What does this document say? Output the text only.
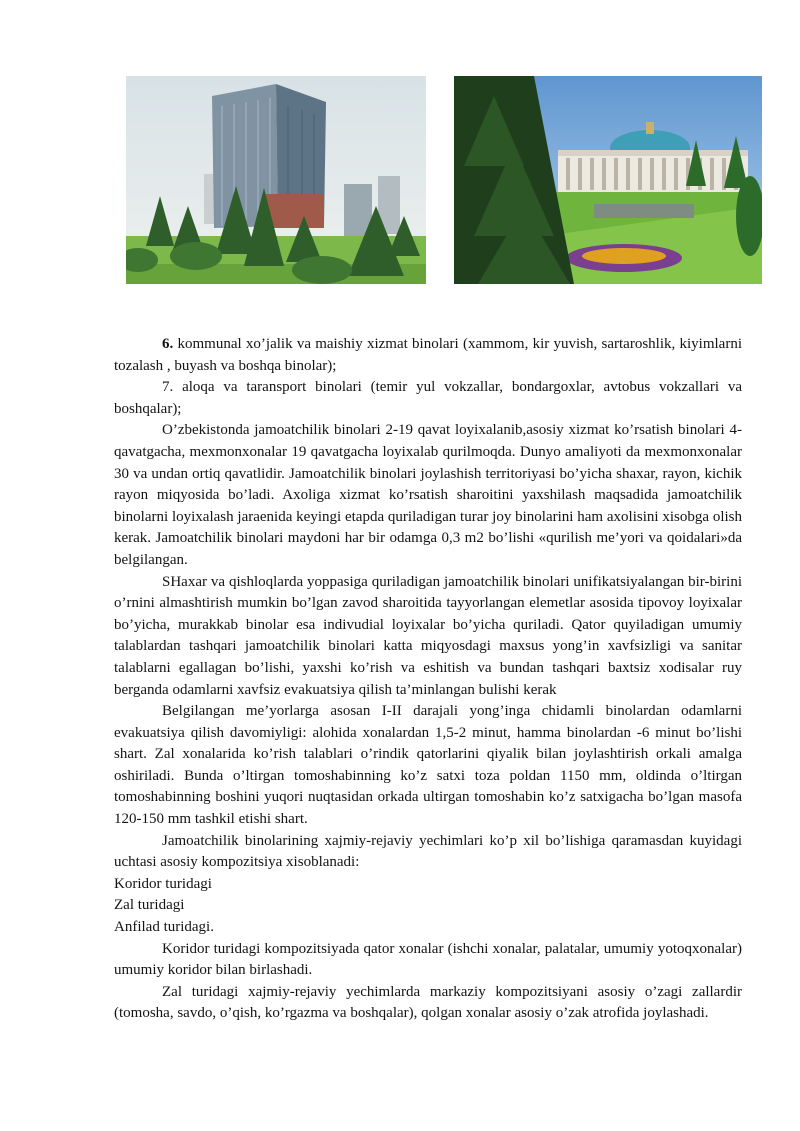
6. kommunal xo’jalik va maishiy xizmat binolari (xammom, kir yuvish, sartaroshlik, kiyimlarni tozalash , buyash va boshqa binolar);

7. aloqa va taransport binolari (temir yul vokzallar, bondargoxlar, avtobus vokzallari va boshqalar);

O’zbekistonda jamoatchilik binolari 2-19 qavat loyixalanib,asosiy xizmat ko’rsatish binolari 4-qavatgacha, mexmonxonalar 19 qavatgacha loyixalab qurilmoqda. Dunyo amaliyoti da mexmonxonalar 30 va undan ortiq qavatlidir. Jamoatchilik binolari joylashish territoriyasi bo’yicha shaxar, rayon, kichik rayon miqyosida bo’ladi. Axoliga xizmat ko’rsatish sharoitini yaxshilash maqsadida jamoatchilik binolarni loyixalash jaraenida keyingi etapda quriladigan turar joy binolarini ham axolisini xisobga olish kerak. Jamoatchilik binolari maydoni har bir odamga 0,3 m2 bo’lishi «qurilish me’yori va qoidalari»da belgilangan.

SHaxar va qishloqlarda yoppasiga quriladigan jamoatchilik binolari unifikatsiyalangan bir-birini o’rnini almashtirish mumkin bo’lgan zavod sharoitida tayyorlangan elemetlar asosida tipovoy loyixalar bo’yicha, murakkab binolar esa indivudial loyixalar bo’yicha quriladi. Qator quyiladigan umumiy talablardan tashqari jamoatchilik binolari katta miqyosdagi maxsus yong’in xavfsizligi va sanitar talablarni egallagan bo’lishi, yaxshi ko’rish va eshitish va bundan tashqari baxtsiz xodisalar ruy berganda odamlarni xavfsiz evakuatsiya qilish ta’minlangan bulishi kerak

Belgilangan me’yorlarga asosan I-II darajali yong’inga chidamli binolardan odamlarni evakuatsiya qilish davomiyligi: alohida xonalardan 1,5-2 minut, hamma binolardan -6 minut bo’lishi shart. Zal xonalarida ko’rish talablari o’rindik qatorlarini qiyalik bilan joylashtirish orkali amalga oshiriladi. Bunda o’ltirgan tomoshabinning ko’z satxi toza poldan 1150 mm, oldinda o’ltirgan tomoshabinning boshini yuqori nuqtasidan orkada ultirgan tomoshabin ko’z satxigacha bo’lgan masofa 120-150 mm tashkil etishi shart.

Jamoatchilik binolarining xajmiy-rejaviy yechimlari ko’p xil bo’lishiga qaramasdan kuyidagi uchtasi asosiy kompozitsiya xisoblanadi:

Koridor turidagi

Zal turidagi

Anfilad turidagi.

Koridor turidagi kompozitsiyada qator xonalar (ishchi xonalar, palatalar, umumiy yotoqxonalar) umumiy koridor bilan birlashadi.

Zal turidagi xajmiy-rejaviy yechimlarda markaziy kompozitsiyani asosiy o’zagi zallardir (tomosha, savdo, o’qish, ko’rgazma va boshqalar), qolgan xonalar asosiy o’zak atrofida joylashadi.
